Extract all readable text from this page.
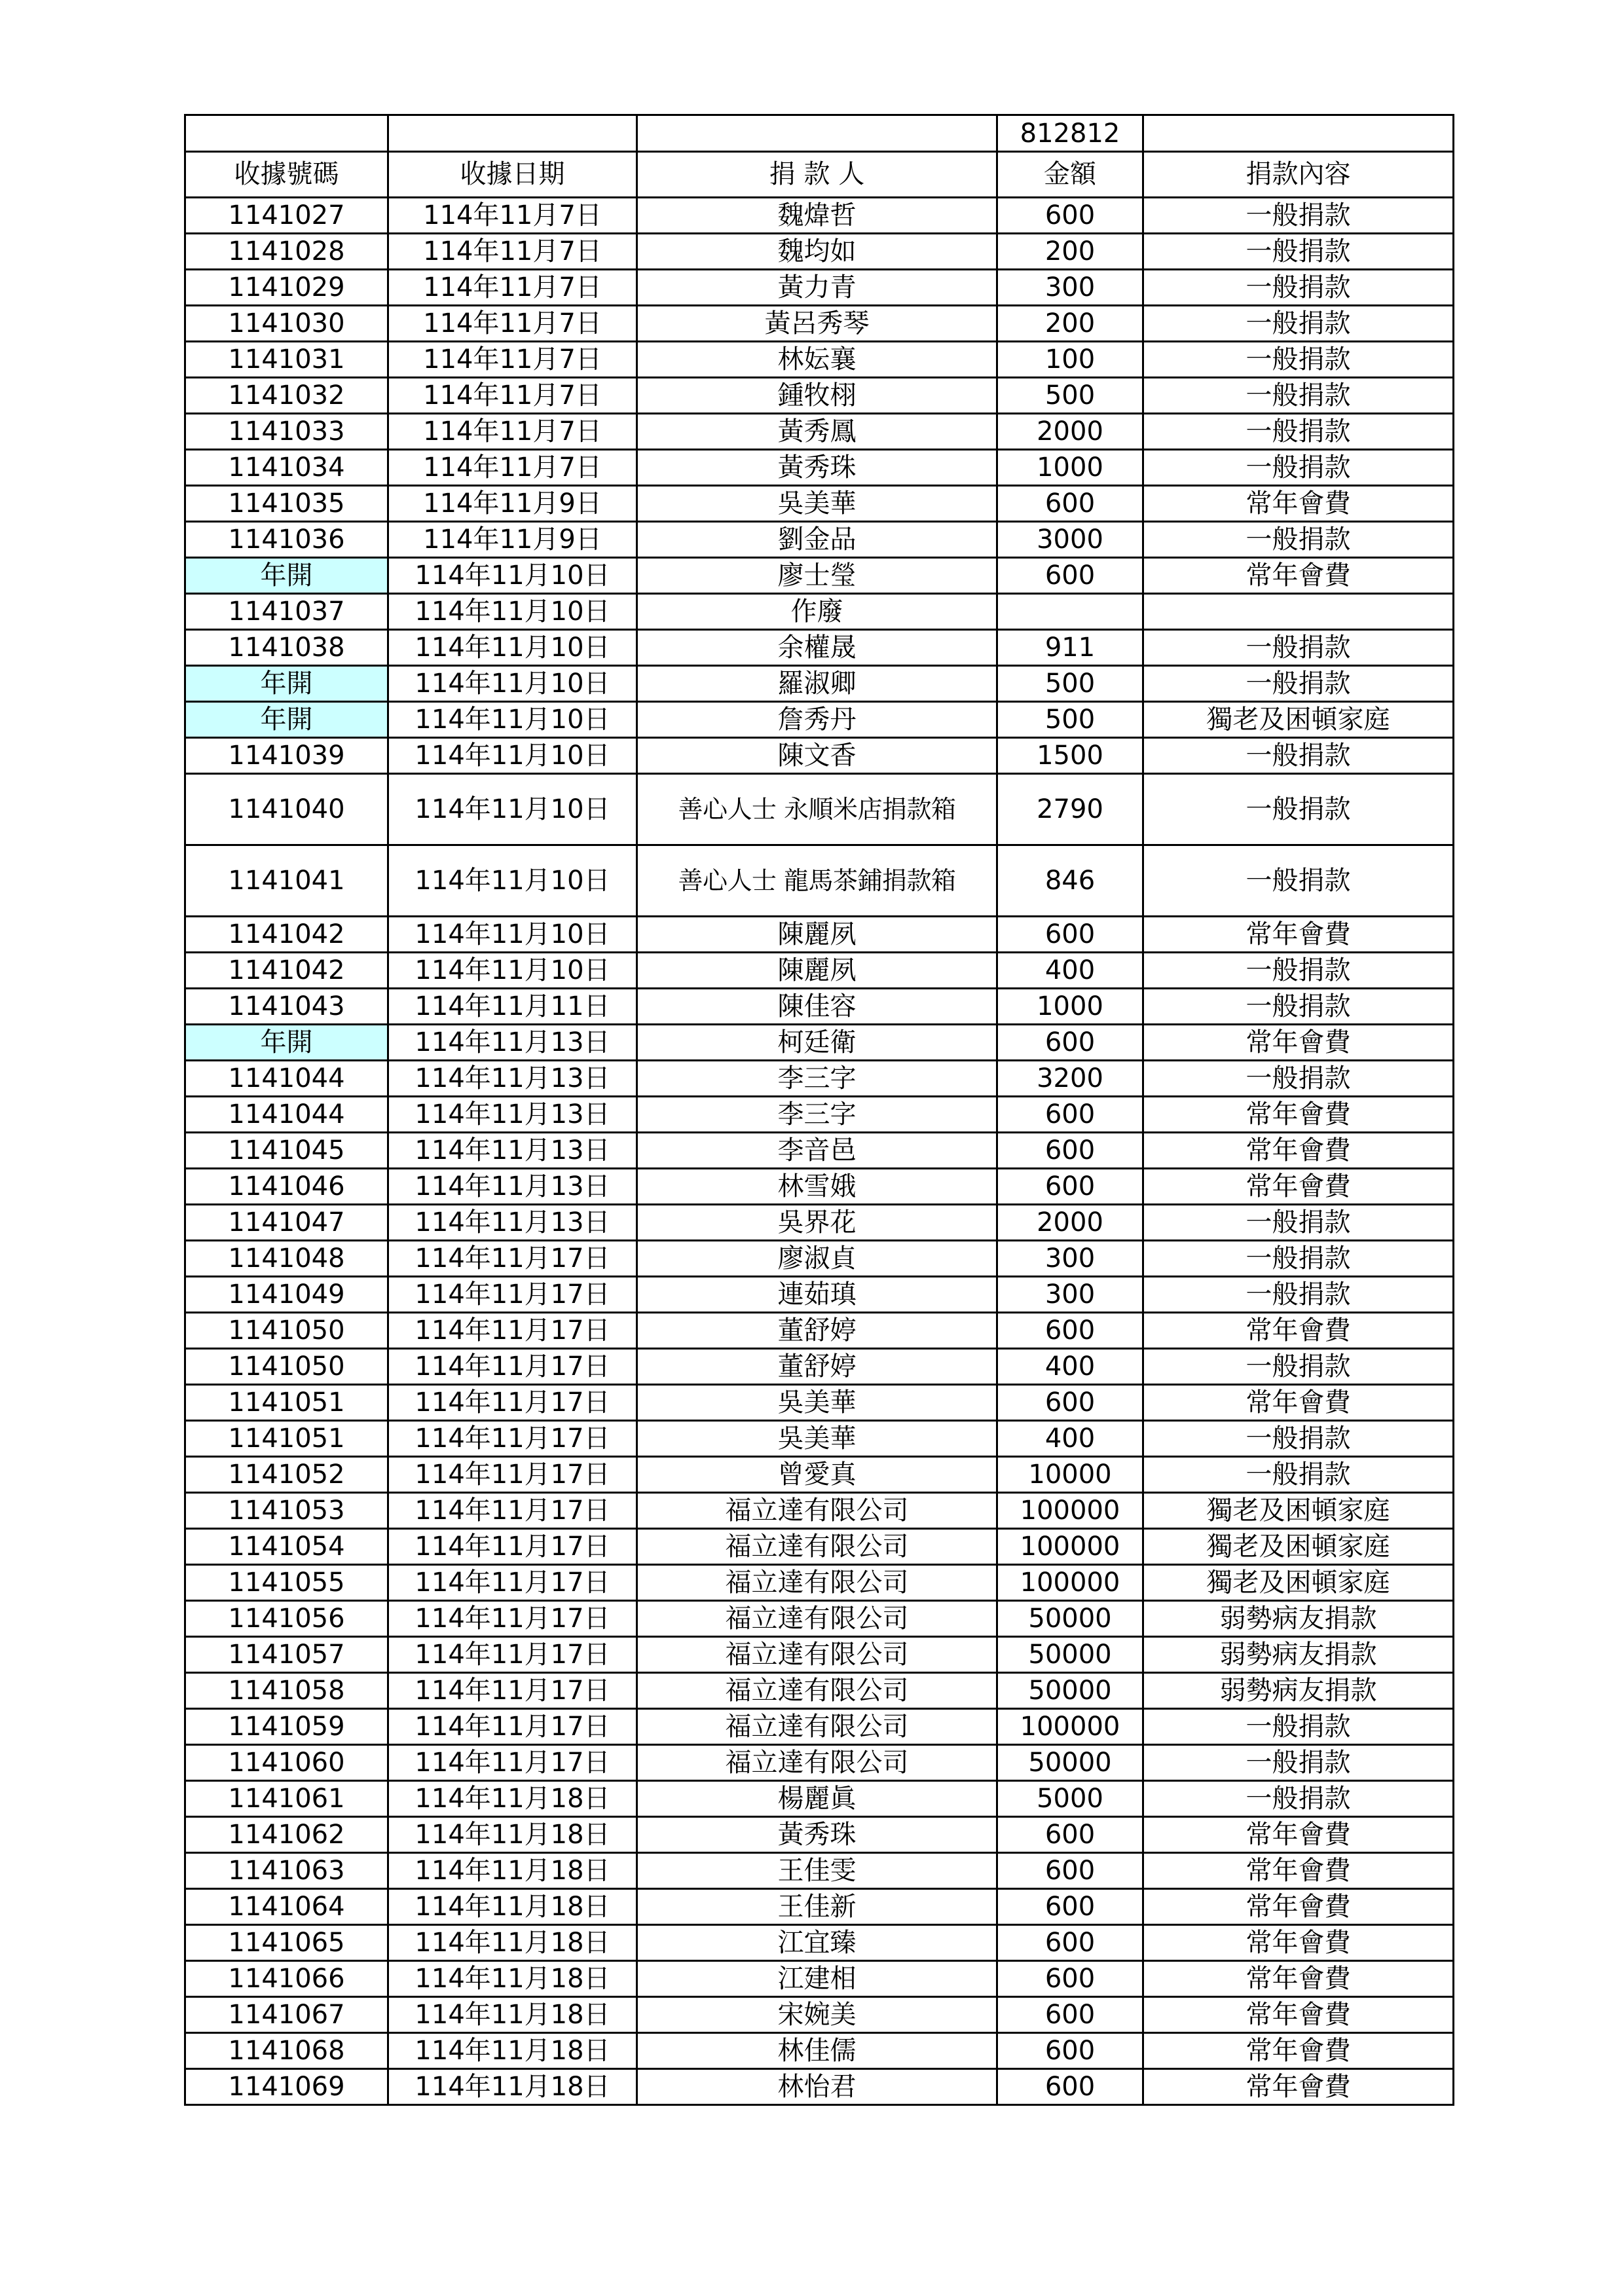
			812812	
收據號碼	收據日期	捐 款 人	金額	捐款內容
1141027	114年11月7日	魏煒哲	600	一般捐款
1141028	114年11月7日	魏均如	200	一般捐款
1141029	114年11月7日	黃力青	300	一般捐款
1141030	114年11月7日	黃呂秀琴	200	一般捐款
1141031	114年11月7日	林妘襄	100	一般捐款
1141032	114年11月7日	鍾牧栩	500	一般捐款
1141033	114年11月7日	黃秀鳳	2000	一般捐款
1141034	114年11月7日	黃秀珠	1000	一般捐款
1141035	114年11月9日	吳美華	600	常年會費
1141036	114年11月9日	劉金品	3000	一般捐款
年開	114年11月10日	廖士瑩	600	常年會費
1141037	114年11月10日	作廢		
1141038	114年11月10日	余權晟	911	一般捐款
年開	114年11月10日	羅淑卿	500	一般捐款
年開	114年11月10日	詹秀丹	500	獨老及困頓家庭
1141039	114年11月10日	陳文香	1500	一般捐款
1141040	114年11月10日	善心人士 永順米店捐款箱	2790	一般捐款
1141041	114年11月10日	善心人士 龍馬茶鋪捐款箱	846	一般捐款
1141042	114年11月10日	陳麗夙	600	常年會費
1141042	114年11月10日	陳麗夙	400	一般捐款
1141043	114年11月11日	陳佳容	1000	一般捐款
年開	114年11月13日	柯廷衛	600	常年會費
1141044	114年11月13日	李三字	3200	一般捐款
1141044	114年11月13日	李三字	600	常年會費
1141045	114年11月13日	李音邑	600	常年會費
1141046	114年11月13日	林雪娥	600	常年會費
1141047	114年11月13日	吳界花	2000	一般捐款
1141048	114年11月17日	廖淑貞	300	一般捐款
1141049	114年11月17日	連茹瑱	300	一般捐款
1141050	114年11月17日	董舒婷	600	常年會費
1141050	114年11月17日	董舒婷	400	一般捐款
1141051	114年11月17日	吳美華	600	常年會費
1141051	114年11月17日	吳美華	400	一般捐款
1141052	114年11月17日	曾愛真	10000	一般捐款
1141053	114年11月17日	福立達有限公司	100000	獨老及困頓家庭
1141054	114年11月17日	福立達有限公司	100000	獨老及困頓家庭
1141055	114年11月17日	福立達有限公司	100000	獨老及困頓家庭
1141056	114年11月17日	福立達有限公司	50000	弱勢病友捐款
1141057	114年11月17日	福立達有限公司	50000	弱勢病友捐款
1141058	114年11月17日	福立達有限公司	50000	弱勢病友捐款
1141059	114年11月17日	福立達有限公司	100000	一般捐款
1141060	114年11月17日	福立達有限公司	50000	一般捐款
1141061	114年11月18日	楊麗眞	5000	一般捐款
1141062	114年11月18日	黃秀珠	600	常年會費
1141063	114年11月18日	王佳雯	600	常年會費
1141064	114年11月18日	王佳新	600	常年會費
1141065	114年11月18日	江宜臻	600	常年會費
1141066	114年11月18日	江建相	600	常年會費
1141067	114年11月18日	宋婉美	600	常年會費
1141068	114年11月18日	林佳儒	600	常年會費
1141069	114年11月18日	林怡君	600	常年會費
